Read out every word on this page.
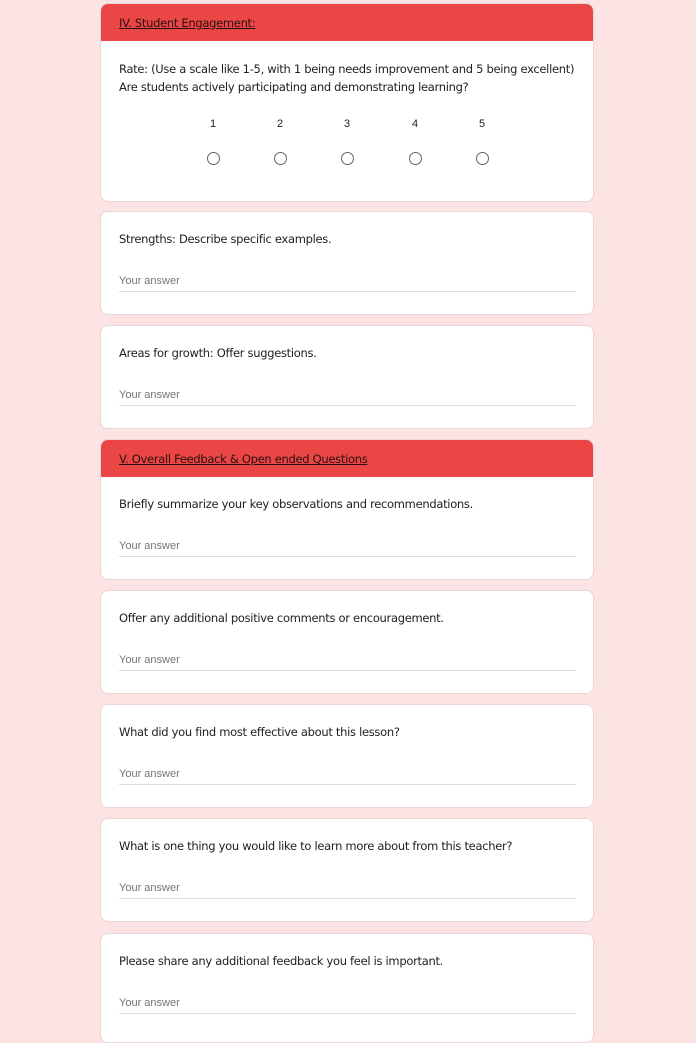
IV. Student Engagement:
Rate: (Use a scale like 1-5, with 1 being needs improvement and 5 being excellent)
Are students actively participating and demonstrating learning?
1	2	3	4	5
Strengths: Describe specific examples.
Your answer
Areas for growth: Offer suggestions.
Your answer
V. Overall Feedback & Open ended Questions
Briefly summarize your key observations and recommendations.
Your answer
Offer any additional positive comments or encouragement.
Your answer
What did you find most effective about this lesson?
Your answer
What is one thing you would like to learn more about from this teacher?
Your answer
Please share any additional feedback you feel is important.
Your answer
